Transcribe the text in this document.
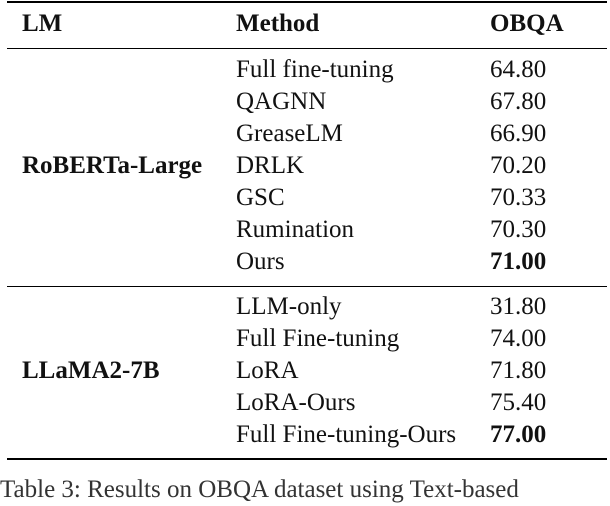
LM	Method	OBQA
RoBERTa-Large
Full fine-tuning	64.80
QAGNN	67.80
GreaseLM	66.90
DRLK	70.20
GSC	70.33
Rumination	70.30
Ours	71.00
LLaMA2-7B
LLM-only	31.80
Full Fine-tuning	74.00
LoRA	71.80
LoRA-Ours	75.40
Full Fine-tuning-Ours 77.00
Table 3: Results on OBQA dataset using Text-based
